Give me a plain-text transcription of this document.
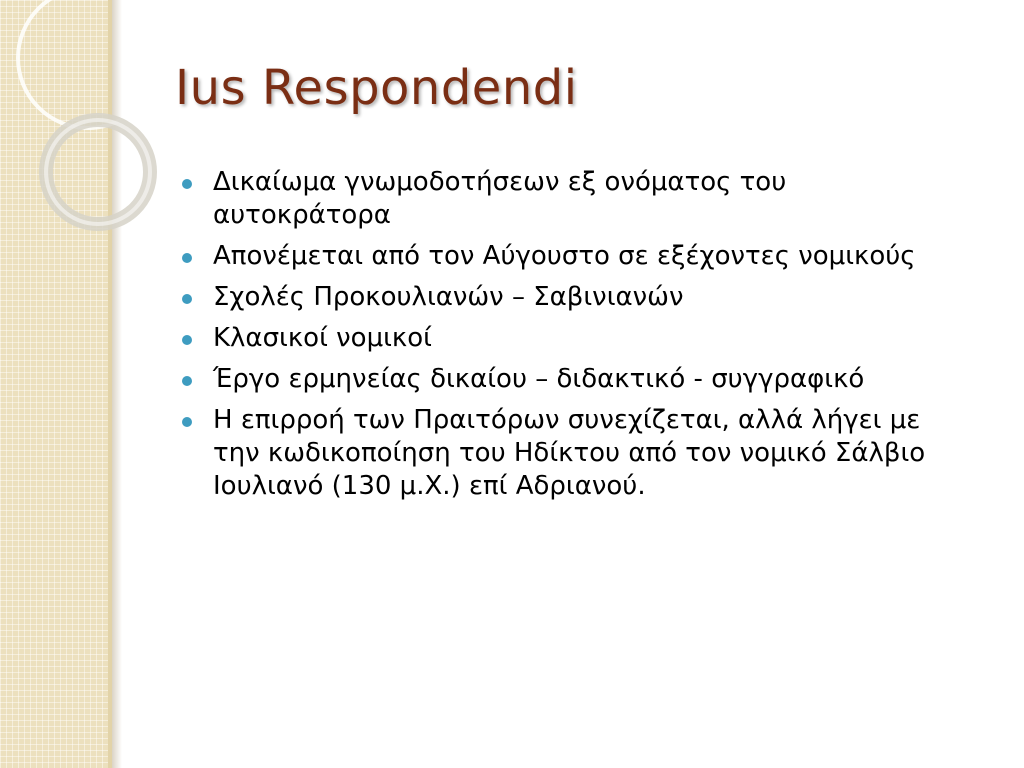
Ius Respondendi
Δικαίωμα γνωμοδοτήσεων εξ ονόματος του αυτοκράτορα
Απονέμεται από τον Αύγουστο σε εξέχοντες νομικούς
Σχολές Προκουλιανών – Σαβινιανών
Κλασικοί νομικοί
Έργο ερμηνείας δικαίου – διδακτικό - συγγραφικό
Η επιρροή των Πραιτόρων συνεχίζεται, αλλά λήγει με την κωδικοποίηση του Ηδίκτου από τον νομικό Σάλβιο Ιουλιανό (130 μ.Χ.) επί Αδριανού.
